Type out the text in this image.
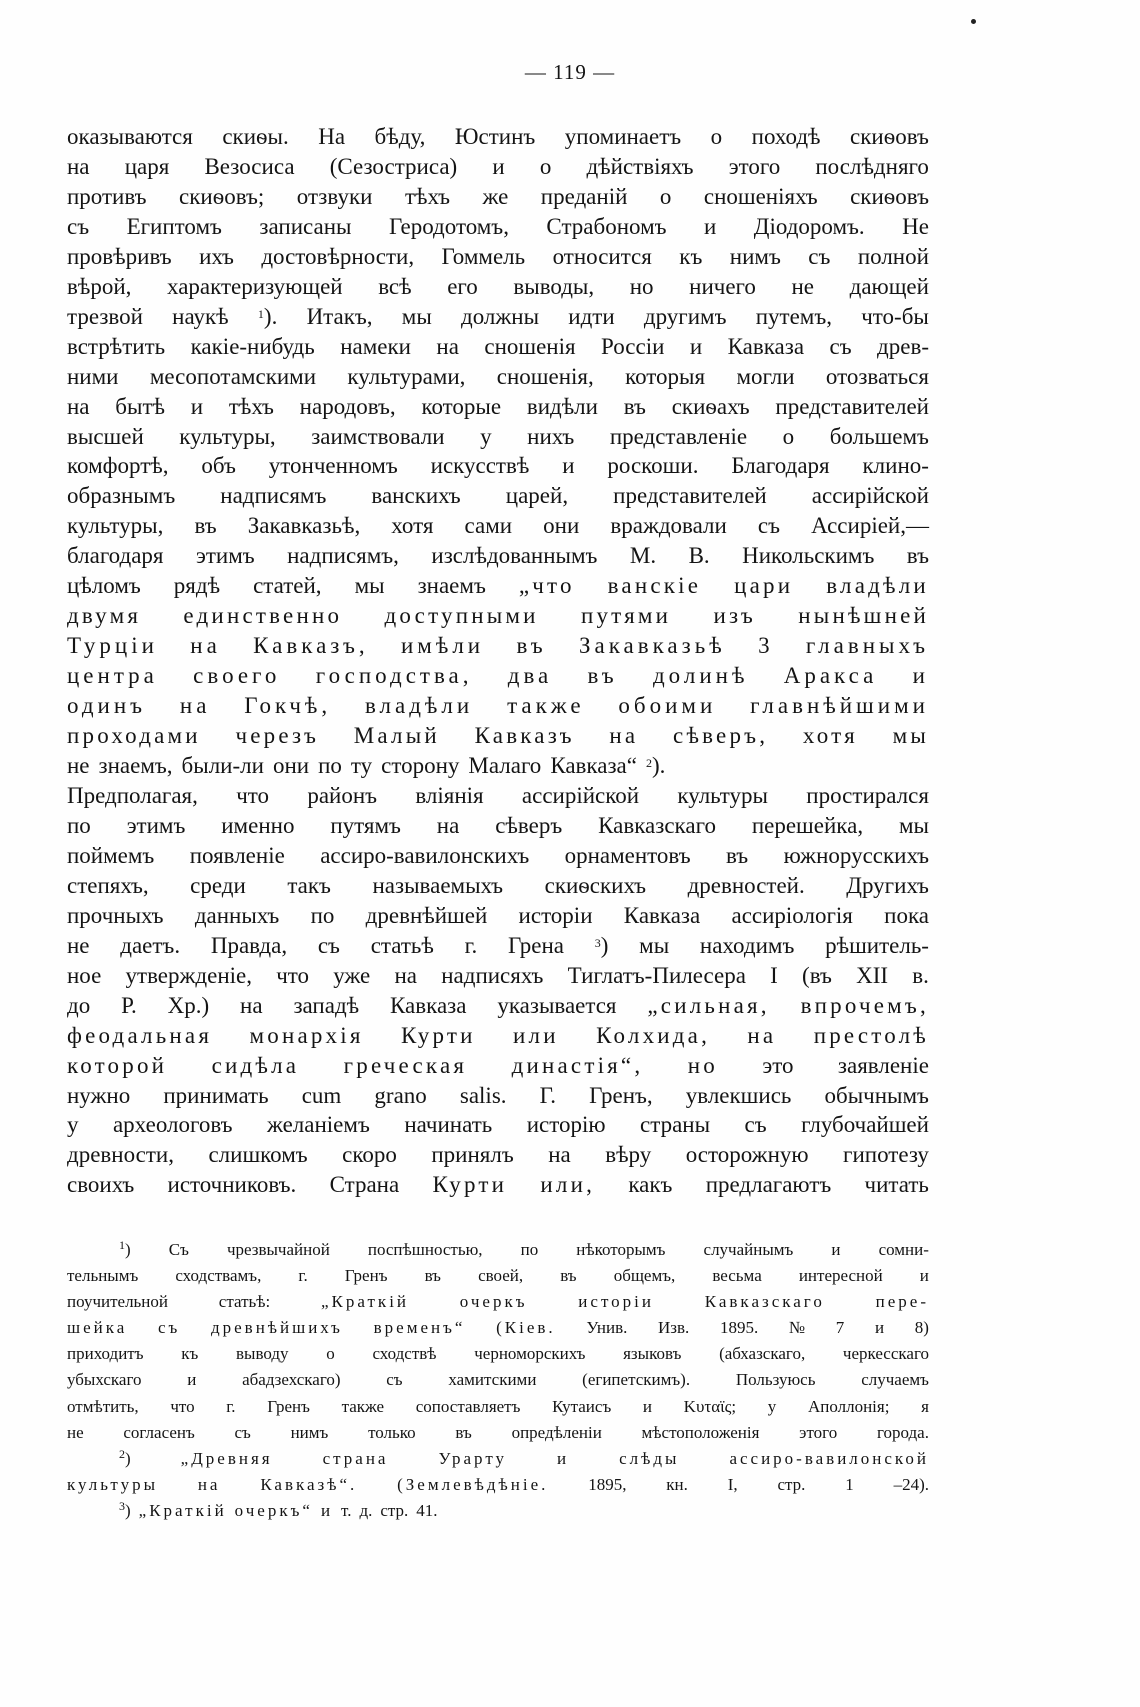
— 119 —
оказываются скиѳы. На бѣду, Юстинъ упоминаетъ о походѣ скиѳовъ
на царя Везосиса (Сезостриса) и о дѣйствіяхъ этого послѣдняго
противъ скиѳовъ; отзвуки тѣхъ же преданій о сношеніяхъ скиѳовъ
съ Египтомъ записаны Геродотомъ, Страбономъ и Діодоромъ. Не
провѣривъ ихъ достовѣрности, Гоммель относится къ нимъ съ полной
вѣрой, характеризующей всѣ его выводы, но ничего не дающей
трезвой наукѣ $^1$). Итакъ, мы должны идти другимъ путемъ, что-бы
встрѣтить какіе-нибудь намеки на сношенія Россіи и Кавказа съ древ-
ними месопотамскими культурами, сношенія, которыя могли отозваться
на бытѣ и тѣхъ народовъ, которые видѣли въ скиѳахъ представителей
высшей культуры, заимствовали у нихъ представленіе о большемъ
комфортѣ, объ утонченномъ искусствѣ и роскоши. Благодаря клино-
образнымъ надписямъ ванскихъ царей, представителей ассирійской
культуры, въ Закавказьѣ, хотя сами они враждовали съ Ассиріей,—
благодаря этимъ надписямъ, изслѣдованнымъ М. В. Никольскимъ въ
цѣломъ рядѣ статей, мы знаемъ „что ванскіе цари владѣли
двумя единственно доступными путями изъ нынѣшней
Турціи на Кавказъ, имѣли въ Закавказьѣ 3 главныхъ
центра своего господства, два въ долинѣ Аракса и
одинъ на Гокчѣ, владѣли также обоими главнѣйшими
проходами черезъ Малый Кавказъ на сѣверъ, хотя мы
не знаемъ, были-ли они по ту сторону Малаго Кавказа“ $^2$).
Предполагая, что районъ вліянія ассирійской культуры простирался
по этимъ именно путямъ на сѣверъ Кавказскаго перешейка, мы
поймемъ появленіе ассиро-вавилонскихъ орнаментовъ въ южнорусскихъ
степяхъ, среди такъ называемыхъ скиѳскихъ древностей. Другихъ
прочныхъ данныхъ по древнѣйшей исторіи Кавказа ассиріологія пока
не даетъ. Правда, съ статьѣ г. Грена	$^3$) мы находимъ рѣшитель-
ное утвержденіе, что уже на надписяхъ Тиглатъ-Пилесера I (въ XII в.
до Р. Хр.) на западѣ Кавказа указывается „сильная, впрочемъ,
феодальная монархія Курти или Колхида, на престолѣ
которой сидѣла греческая династія“, но это заявленіе
нужно принимать cum grano salis. Г. Гренъ, увлекшись обычнымъ
у археологовъ желаніемъ начинать исторію страны съ глубочайшей
древности, слишкомъ скоро принялъ на вѣру осторожную гипотезу
своихъ источниковъ. Страна Курти или, какъ предлагаютъ читать
$^1$) Съ чрезвычайной поспѣшностью, по нѣкоторымъ случайнымъ и сомни-
тельнымъ сходствамъ, г. Гренъ въ своей, въ общемъ, весьма интересной и
поучительной	статьѣ:	„Краткій	очеркъ	исторіи	Кавказскаго	пере-
шейка съ древнѣйшихъ временъ“ (Кiев. Унив. Изв. 1895. № 7 и 8)
приходитъ къ выводу о сходствѣ черноморскихъ языковъ (абхазскаго, черкесскаго
убыхскаго	и	абадзехскаго)	съ	хамитскими	(египетскимъ).	Пользуюсь	случаемъ
отмѣтить, что г. Гренъ также сопоставляетъ Кутаисъ и Κυταϊς; у Аполлонія; я
не согласенъ съ нимъ только въ опредѣленіи мѣстоположенія этого города.
$^2$)	„Древняя	страна	Урарту	и	слѣды	ассиро-вавилонской
культуры на Кавказѣ“. (Землевѣдѣніе. 1895, кн. I, стр. 1 –24).
$^3$) „Краткій очеркъ“ и т. д. стр. 41.
